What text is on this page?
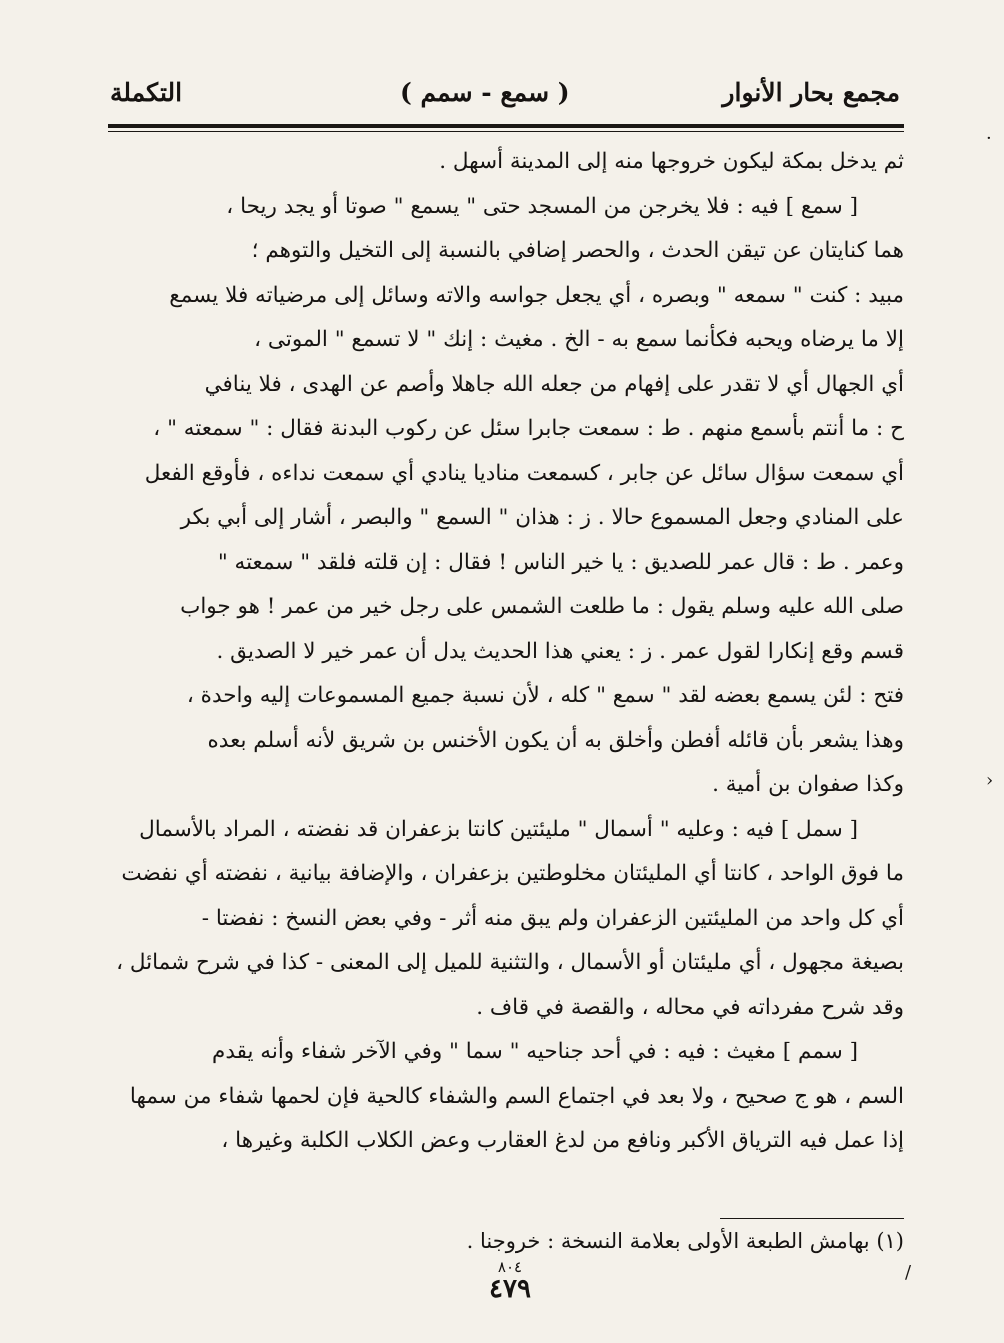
مجمع بحار الأنوار
( سمع - سمم )
التكملة
ثم يدخل بمكة ليكون خروجها منه إلى المدينة أسهل .
[ سمع ] فيه : فلا يخرجن من المسجد حتى " يسمع " صوتا أو يجد ريحا ،
هما كنايتان عن تيقن الحدث ، والحصر إضافي بالنسبة إلى التخيل والتوهم ؛
مبيد : كنت " سمعه " وبصره ، أي يجعل جواسه والاته وسائل إلى مرضياته فلا يسمع
إلا ما يرضاه ويحبه فكأنما سمع به - الخ . مغيث : إنك " لا تسمع " الموتى ،
أي الجهال أي لا تقدر على إفهام من جعله الله جاهلا وأصم عن الهدى ، فلا ينافي
ح : ما أنتم بأسمع منهم . ط : سمعت جابرا سئل عن ركوب البدنة فقال : " سمعته " ،
أي سمعت سؤال سائل عن جابر ، كسمعت مناديا ينادي أي سمعت نداءه ، فأوقع الفعل
على المنادي وجعل المسموع حالا . ز : هذان " السمع " والبصر ، أشار إلى أبي بكر
وعمر . ط : قال عمر للصديق : يا خير الناس ! فقال : إن قلته فلقد " سمعته "
صلى الله عليه وسلم يقول : ما طلعت الشمس على رجل خير من عمر ! هو جواب
قسم وقع إنكارا لقول عمر . ز : يعني هذا الحديث يدل أن عمر خير لا الصديق .
فتح : لئن يسمع بعضه لقد " سمع " كله ، لأن نسبة جميع المسموعات إليه واحدة ،
وهذا يشعر بأن قائله أفطن وأخلق به أن يكون الأخنس بن شريق لأنه أسلم بعده
وكذا صفوان بن أمية .
[ سمل ] فيه : وعليه " أسمال " مليئتين كانتا بزعفران قد نفضته ، المراد بالأسمال
ما فوق الواحد ، كانتا أي المليئتان مخلوطتين بزعفران ، والإضافة بيانية ، نفضته أي نفضت
أي كل واحد من المليئتين الزعفران ولم يبق منه أثر - وفي بعض النسخ : نفضتا -
بصيغة مجهول ، أي مليئتان أو الأسمال ، والتثنية للميل إلى المعنى - كذا في شرح شمائل ،
وقد شرح مفرداته في محاله ، والقصة في قاف .
[ سمم ] مغيث : فيه : في أحد جناحيه " سما " وفي الآخر شفاء وأنه يقدم
السم ، هو ج صحيح ، ولا بعد في اجتماع السم والشفاء كالحية فإن لحمها شفاء من سمها
إذا عمل فيه الترياق الأكبر ونافع من لدغ العقارب وعض الكلاب الكلبة وغيرها ،
(١) بهامش الطبعة الأولى بعلامة النسخة : خروجنا .
٨٠٤
٤٧٩
·
›
/
